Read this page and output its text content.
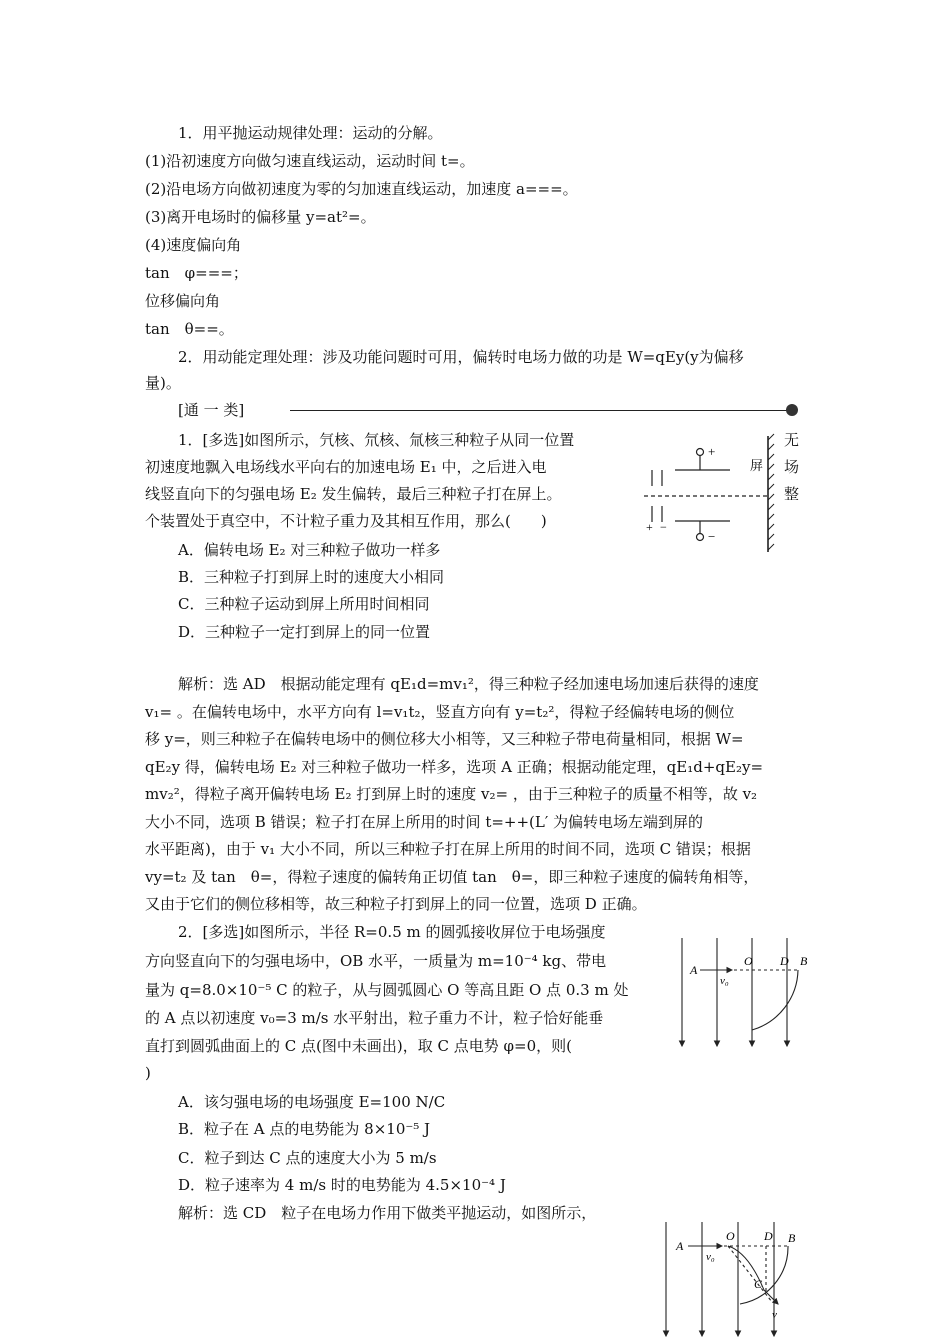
1．用平抛运动规律处理：运动的分解。
(1)沿初速度方向做匀速直线运动，运动时间 t=。
(2)沿电场方向做初速度为零的匀加速直线运动，加速度 a===。
(3)离开电场时的偏移量 y=at²=。
(4)速度偏向角
tan　φ===；
位移偏向角
tan　θ==。
2．用动能定理处理：涉及功能问题时可用，偏转时电场力做的功是 W=qEy(y为偏移
量)。
[通 一 类]
1．[多选]如图所示，氕核、氘核、氚核三种粒子从同一位置
初速度地飘入电场线水平向右的加速电场 E₁ 中，之后进入电
线竖直向下的匀强电场 E₂ 发生偏转，最后三种粒子打在屏上。
个装置处于真空中，不计粒子重力及其相互作用，那么(　　)
无
场
整
+
−
屏
+ −
A．偏转电场 E₂ 对三种粒子做功一样多
B．三种粒子打到屏上时的速度大小相同
C．三种粒子运动到屏上所用时间相同
D．三种粒子一定打到屏上的同一位置
解析：选 AD　根据动能定理有 qE₁d=mv₁²，得三种粒子经加速电场加速后获得的速度
v₁= 。在偏转电场中，水平方向有 l=v₁t₂，竖直方向有 y=t₂²，得粒子经偏转电场的侧位
移 y=，则三种粒子在偏转电场中的侧位移大小相等，又三种粒子带电荷量相同，根据 W=
qE₂y 得，偏转电场 E₂ 对三种粒子做功一样多，选项 A 正确；根据动能定理，qE₁d+qE₂y=
mv₂²，得粒子离开偏转电场 E₂ 打到屏上时的速度 v₂= ，由于三种粒子的质量不相等，故 v₂
大小不同，选项 B 错误；粒子打在屏上所用的时间 t=++(L′ 为偏转电场左端到屏的
水平距离)，由于 v₁ 大小不同，所以三种粒子打在屏上所用的时间不同，选项 C 错误；根据
vy=t₂ 及 tan　θ=，得粒子速度的偏转角正切值 tan　θ=，即三种粒子速度的偏转角相等，
又由于它们的侧位移相等，故三种粒子打到屏上的同一位置，选项 D 正确。
2．[多选]如图所示，半径 R=0.5 m 的圆弧接收屏位于电场强度
方向竖直向下的匀强电场中，OB 水平，一质量为 m=10⁻⁴ kg、带电
量为 q=8.0×10⁻⁵ C 的粒子，从与圆弧圆心 O 等高且距 O 点 0.3 m 处
的 A 点以初速度 v₀=3 m/s 水平射出，粒子重力不计，粒子恰好能垂
直打到圆弧曲面上的 C 点(图中未画出)，取 C 点电势 φ=0，则(
)
A
O D B
v₀
A．该匀强电场的电场强度 E=100 N/C
B．粒子在 A 点的电势能为 8×10⁻⁵ J
C．粒子到达 C 点的速度大小为 5 m/s
D．粒子速率为 4 m/s 时的电势能为 4.5×10⁻⁴ J
解析：选 CD　粒子在电场力作用下做类平抛运动，如图所示，
A
O D B
v₀
C
v
